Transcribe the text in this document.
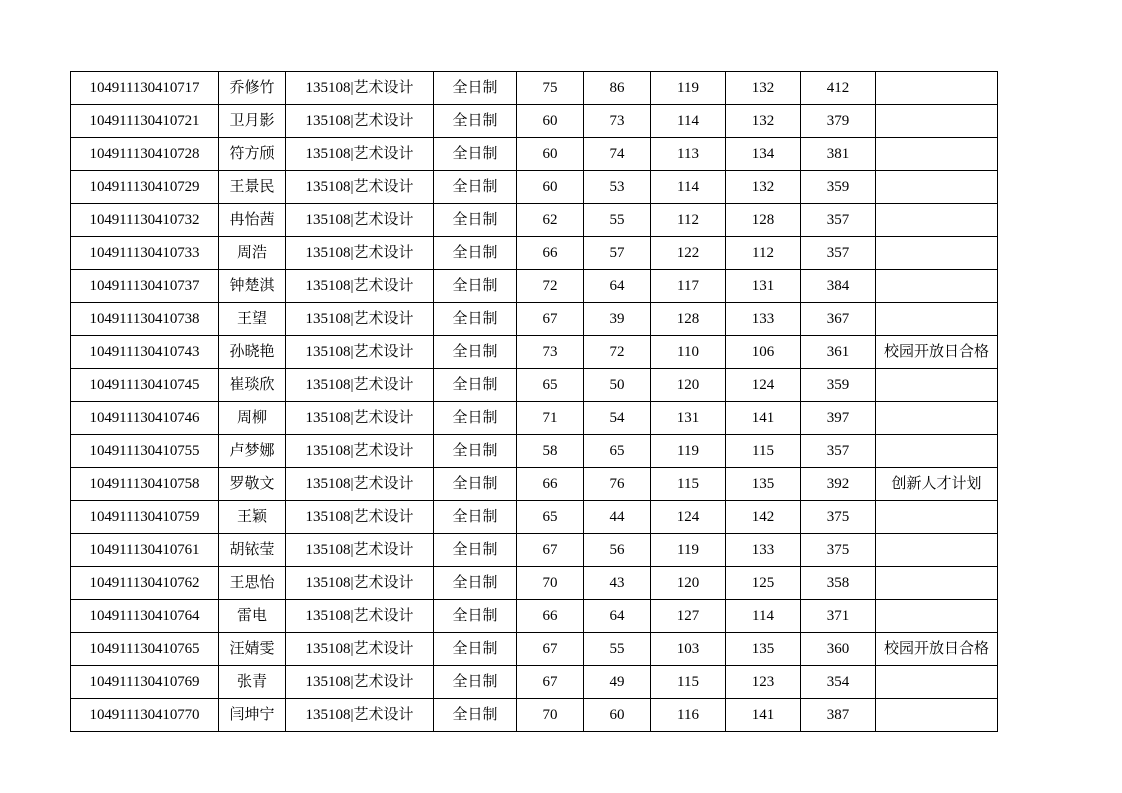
104911130410717	乔修竹	135108|艺术设计	全日制	75	86	119	132	412	
104911130410721	卫月影	135108|艺术设计	全日制	60	73	114	132	379	
104911130410728	符方颀	135108|艺术设计	全日制	60	74	113	134	381	
104911130410729	王景民	135108|艺术设计	全日制	60	53	114	132	359	
104911130410732	冉怡茜	135108|艺术设计	全日制	62	55	112	128	357	
104911130410733	周浩	135108|艺术设计	全日制	66	57	122	112	357	
104911130410737	钟楚淇	135108|艺术设计	全日制	72	64	117	131	384	
104911130410738	王望	135108|艺术设计	全日制	67	39	128	133	367	
104911130410743	孙晓艳	135108|艺术设计	全日制	73	72	110	106	361	校园开放日合格
104911130410745	崔琰欣	135108|艺术设计	全日制	65	50	120	124	359	
104911130410746	周柳	135108|艺术设计	全日制	71	54	131	141	397	
104911130410755	卢梦娜	135108|艺术设计	全日制	58	65	119	115	357	
104911130410758	罗敬文	135108|艺术设计	全日制	66	76	115	135	392	创新人才计划
104911130410759	王颖	135108|艺术设计	全日制	65	44	124	142	375	
104911130410761	胡铱莹	135108|艺术设计	全日制	67	56	119	133	375	
104911130410762	王思怡	135108|艺术设计	全日制	70	43	120	125	358	
104911130410764	雷电	135108|艺术设计	全日制	66	64	127	114	371	
104911130410765	汪婧雯	135108|艺术设计	全日制	67	55	103	135	360	校园开放日合格
104911130410769	张青	135108|艺术设计	全日制	67	49	115	123	354	
104911130410770	闫坤宁	135108|艺术设计	全日制	70	60	116	141	387	
